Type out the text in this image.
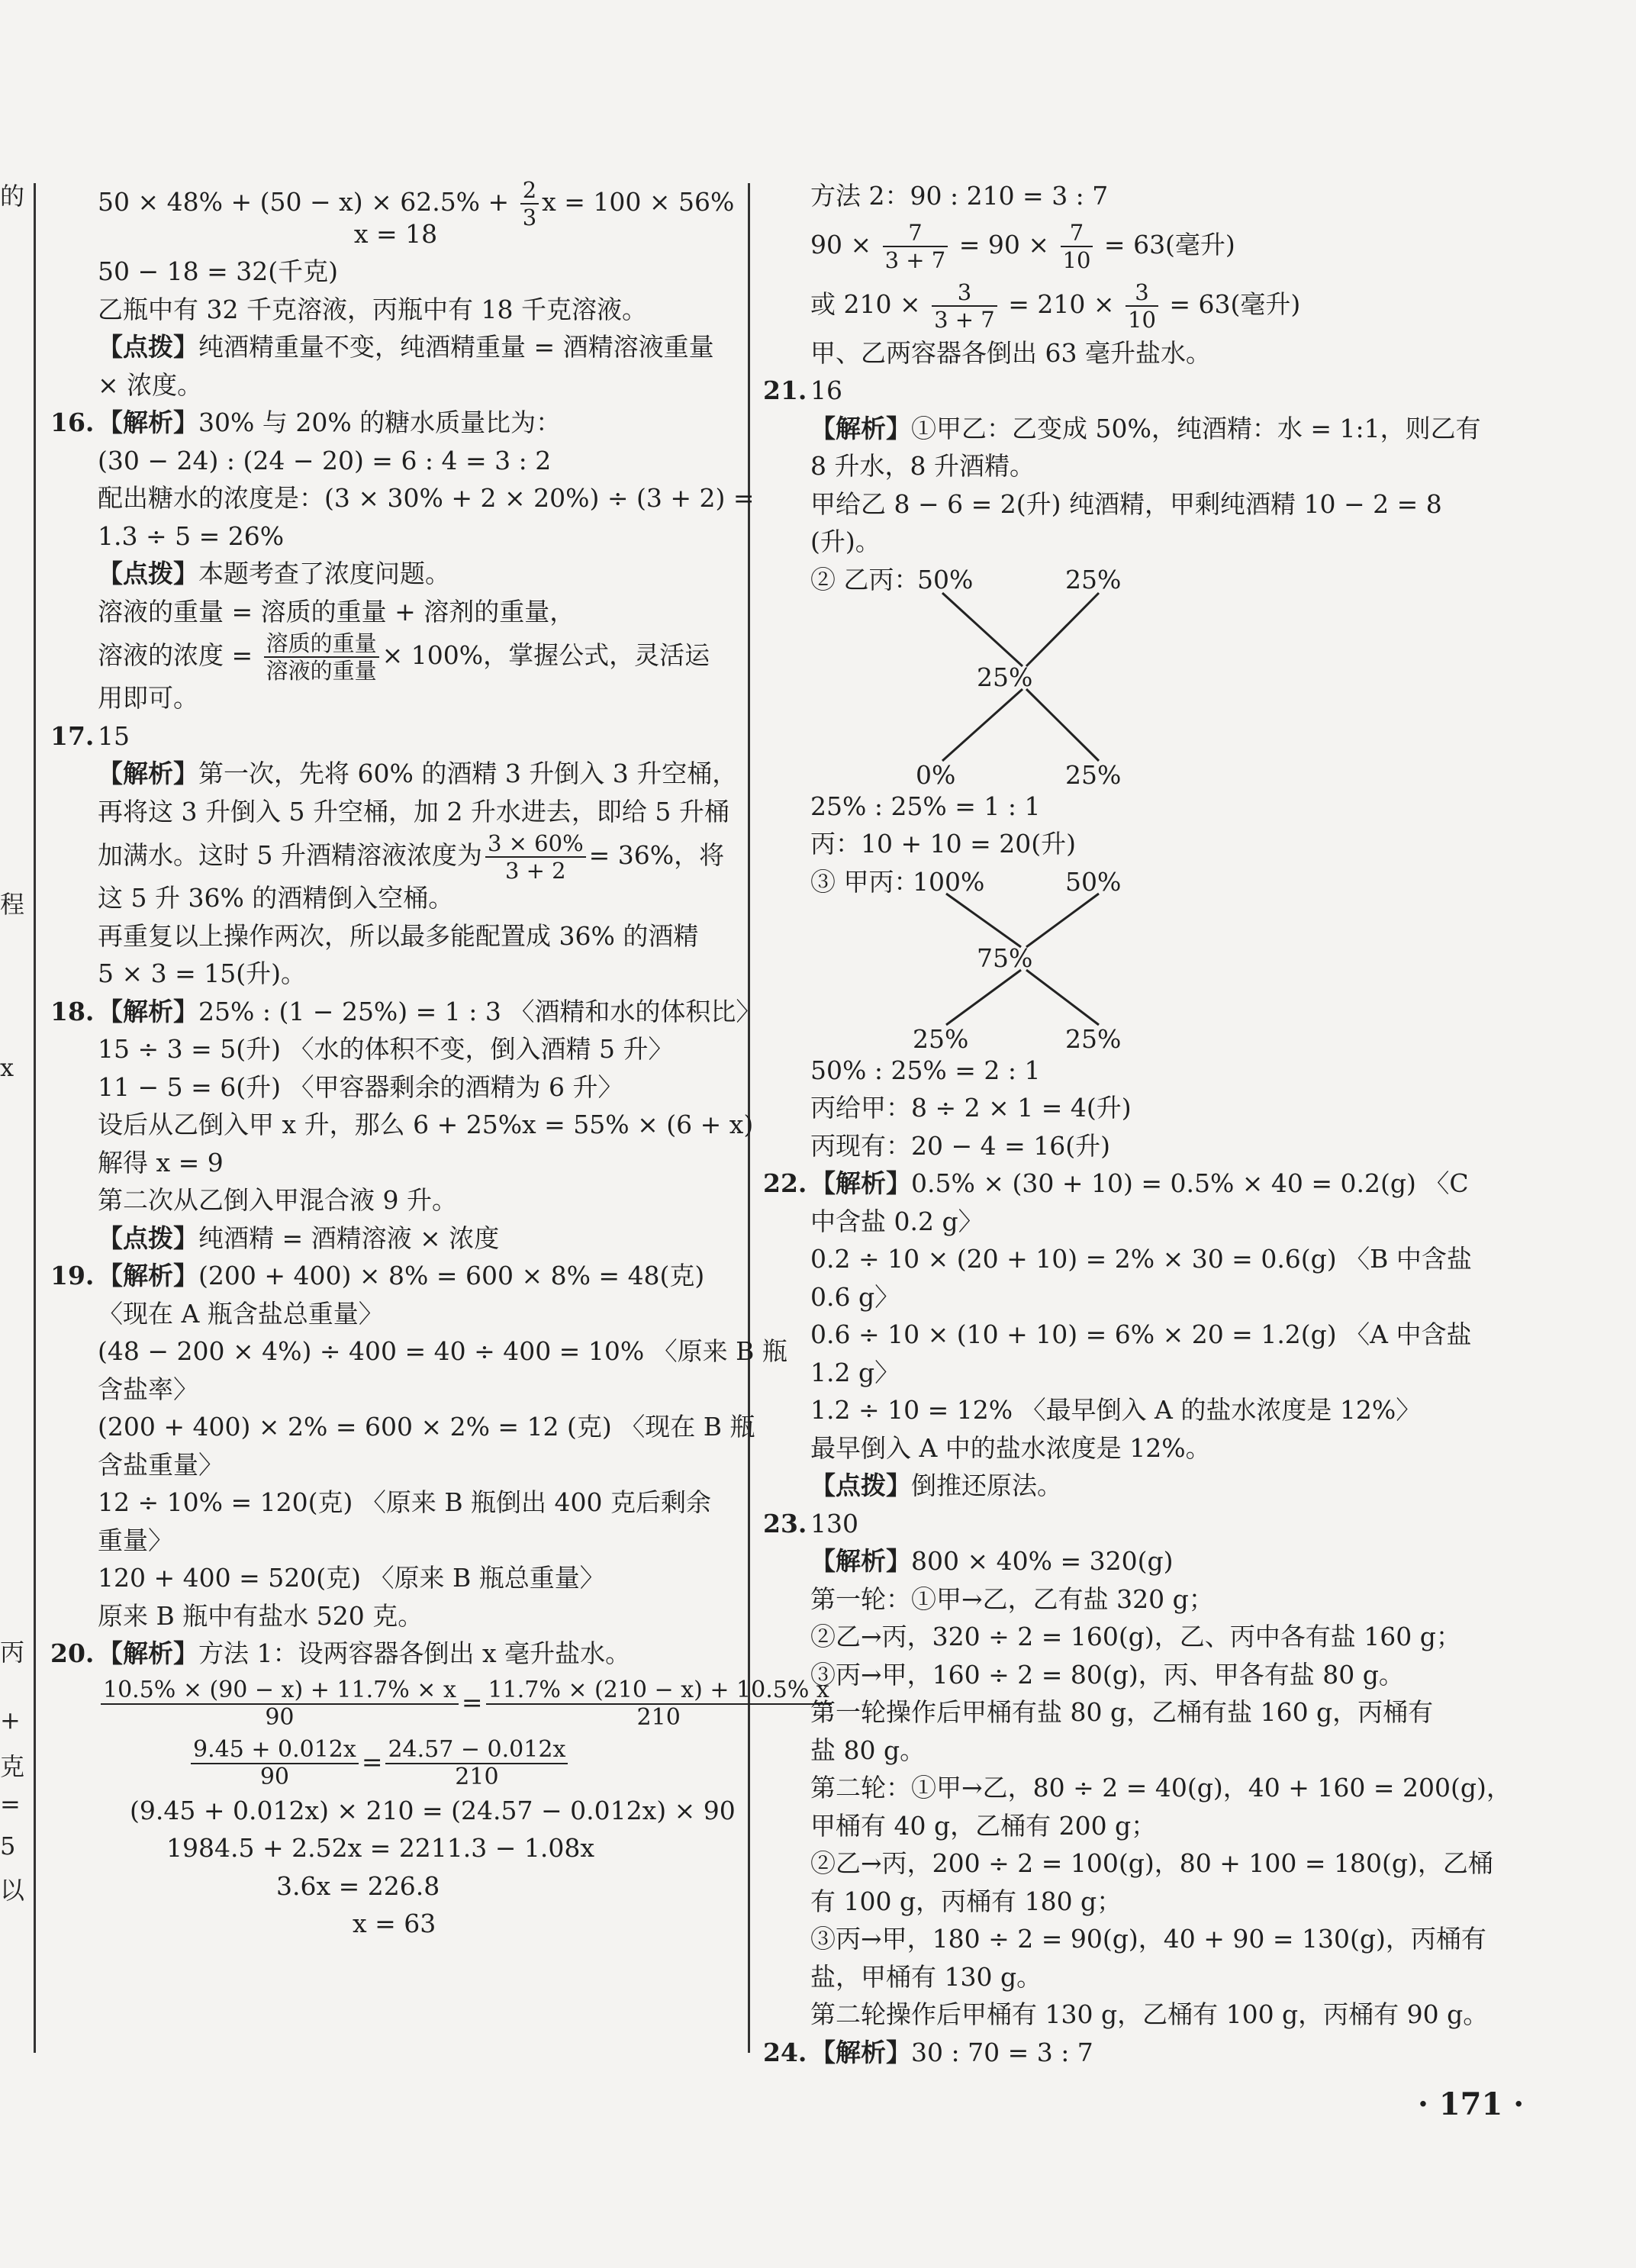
的
程
x
丙
+
克
=
5
以
$50 \times 48\% + (50 - x) \times 62.5\% + \frac{2}{3}$ x = 100 × 56%
x = 18
50 − 18 = 32(千克)
乙瓶中有 32 千克溶液，丙瓶中有 18 千克溶液。
【点拨】纯酒精重量不变，纯酒精重量 = 酒精溶液重量
× 浓度。
16. 【解析】30% 与 20% 的糖水质量比为：
(30 − 24) : (24 − 20) = 6 : 4 = 3 : 2
配出糖水的浓度是：(3 × 30% + 2 × 20%) ÷ (3 + 2) =
1.3 ÷ 5 = 26%
【点拨】本题考查了浓度问题。
溶液的重量 = 溶质的重量 + 溶剂的重量，
溶液的浓度 = $\frac{\text{溶质的重量}}{\text{溶液的重量}} \times 100\%$，掌握公式，灵活运
用即可。
17. 15
【解析】第一次，先将 60% 的酒精 3 升倒入 3 升空桶，
再将这 3 升倒入 5 升空桶，加 2 升水进去，即给 5 升桶
加满水。这时 5 升酒精溶液浓度为 $\frac{3 \times 60\%}{3 + 2} = 36\%$，将
这 5 升 36% 的酒精倒入空桶。
再重复以上操作两次，所以最多能配置成 36% 的酒精
5 × 3 = 15(升)。
18. 【解析】25% : (1 − 25%) = 1 : 3 〈酒精和水的体积比〉
15 ÷ 3 = 5(升) 〈水的体积不变，倒入酒精 5 升〉
11 − 5 = 6(升) 〈甲容器剩余的酒精为 6 升〉
设后从乙倒入甲 x 升，那么 6 + 25%x = 55% × (6 + x)
解得 x = 9
第二次从乙倒入甲混合液 9 升。
【点拨】纯酒精 = 酒精溶液 × 浓度
19. 【解析】(200 + 400) × 8% = 600 × 8% = 48(克)
〈现在 A 瓶含盐总重量〉
(48 − 200 × 4%) ÷ 400 = 40 ÷ 400 = 10% 〈原来 B 瓶
含盐率〉
(200 + 400) × 2% = 600 × 2% = 12 (克) 〈现在 B 瓶
含盐重量〉
12 ÷ 10% = 120(克) 〈原来 B 瓶倒出 400 克后剩余
重量〉
120 + 400 = 520(克) 〈原来 B 瓶总重量〉
原来 B 瓶中有盐水 520 克。
20. 【解析】方法 1：设两容器各倒出 x 毫升盐水。
$\frac{10.5\% \times (90 - x) + 11.7\% \times x}{90} = \frac{11.7\% \times (210 - x) + 10.5\% x}{210}$
$\frac{9.45 + 0.012x}{90} = \frac{24.57 - 0.012x}{210}$
(9.45 + 0.012x) × 210 = (24.57 − 0.012x) × 90
1984.5 + 2.52x = 2211.3 − 1.08x
3.6x = 226.8
x = 63
方法 2：90 : 210 = 3 : 7
$90 \times \frac{7}{3 + 7} = 90 \times \frac{7}{10} = 63$(毫升)
或 $210 \times \frac{3}{3 + 7} = 210 \times \frac{3}{10} = 63$(毫升)
甲、乙两容器各倒出 63 毫升盐水。
21. 16
【解析】①甲乙：乙变成 50%，纯酒精：水 = 1:1，则乙有
8 升水，8 升酒精。
甲给乙 8 − 6 = 2(升) 纯酒精，甲剩纯酒精 10 − 2 = 8
(升)。
② 乙丙：
50%	25%
25%
0%	25%
25% : 25% = 1 : 1
丙：10 + 10 = 20(升)
③ 甲丙：
100%	50%
75%
25%	25%
50% : 25% = 2 : 1
丙给甲：8 ÷ 2 × 1 = 4(升)
丙现有：20 − 4 = 16(升)
22. 【解析】0.5% × (30 + 10) = 0.5% × 40 = 0.2(g) 〈C
中含盐 0.2 g〉
0.2 ÷ 10 × (20 + 10) = 2% × 30 = 0.6(g) 〈B 中含盐
0.6 g〉
0.6 ÷ 10 × (10 + 10) = 6% × 20 = 1.2(g) 〈A 中含盐
1.2 g〉
1.2 ÷ 10 = 12% 〈最早倒入 A 的盐水浓度是 12%〉
最早倒入 A 中的盐水浓度是 12%。
【点拨】倒推还原法。
23. 130
【解析】800 × 40% = 320(g)
第一轮：①甲→乙，乙有盐 320 g；
②乙→丙，320 ÷ 2 = 160(g)，乙、丙中各有盐 160 g；
③丙→甲，160 ÷ 2 = 80(g)，丙、甲各有盐 80 g。
第一轮操作后甲桶有盐 80 g，乙桶有盐 160 g，丙桶有
盐 80 g。
第二轮：①甲→乙，80 ÷ 2 = 40(g)，40 + 160 = 200(g)，
甲桶有 40 g，乙桶有 200 g；
②乙→丙，200 ÷ 2 = 100(g)，80 + 100 = 180(g)，乙桶
有 100 g，丙桶有 180 g；
③丙→甲，180 ÷ 2 = 90(g)，40 + 90 = 130(g)，丙桶有
盐，甲桶有 130 g。
第二轮操作后甲桶有 130 g，乙桶有 100 g，丙桶有 90 g。
24. 【解析】30 : 70 = 3 : 7
· 171 ·
